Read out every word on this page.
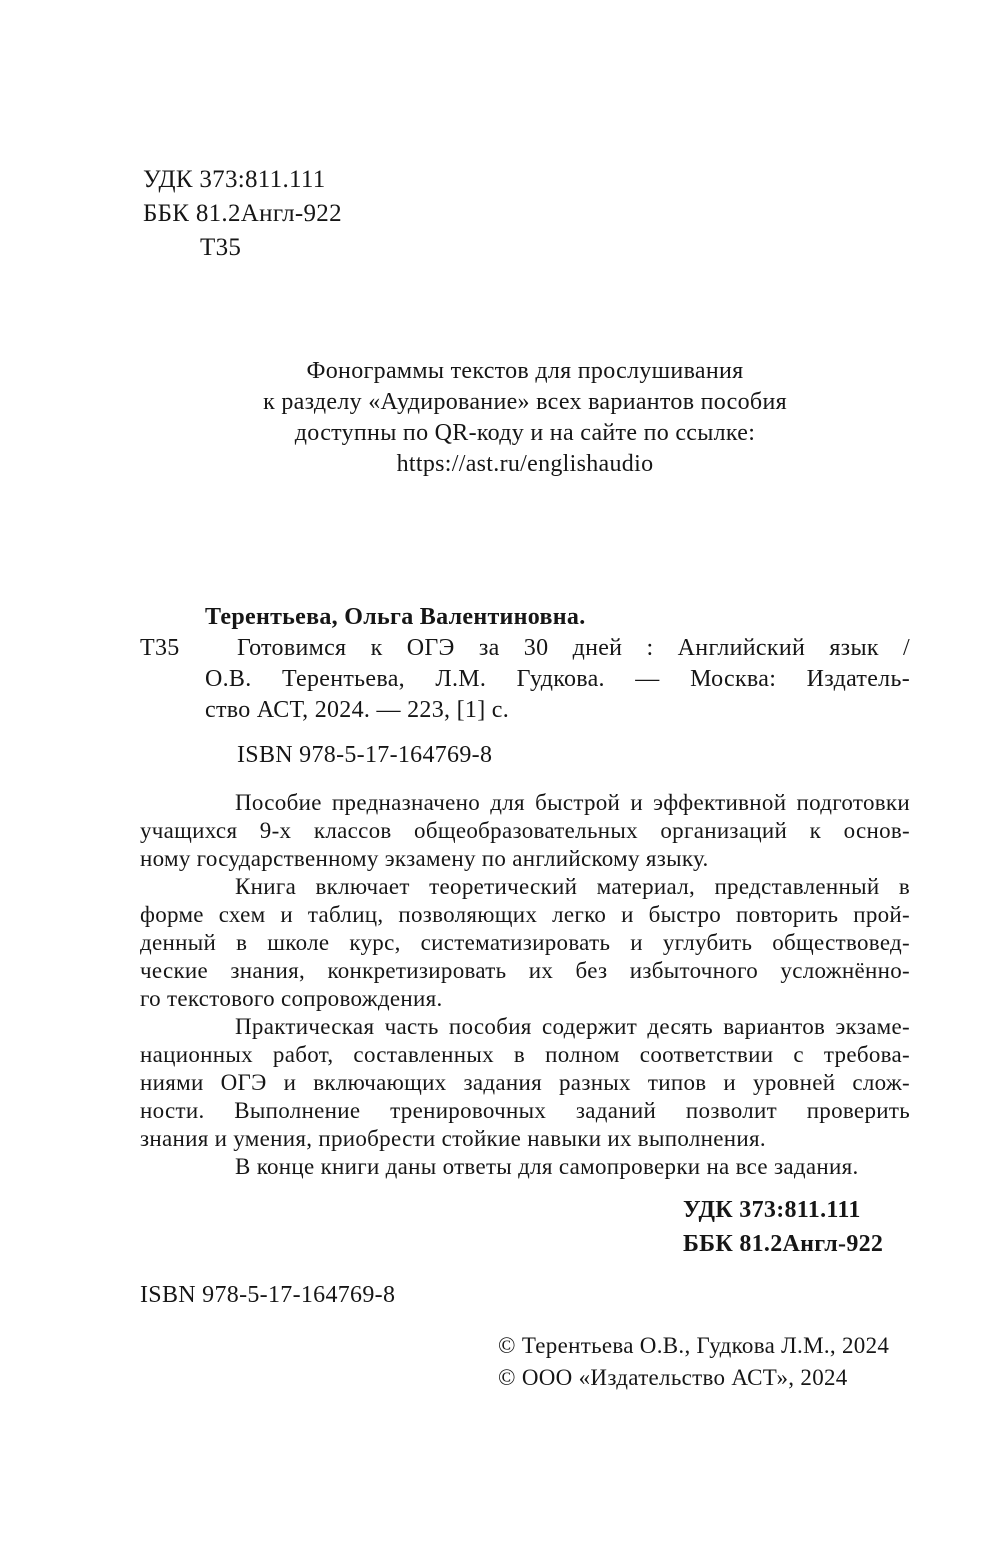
УДК 373:811.111
ББК 81.2Англ-922
Т35
Фонограммы текстов для прослушивания
к разделу «Аудирование» всех вариантов пособия
доступны по QR-коду и на сайте по ссылке:
https://ast.ru/englishaudio
Т35
Терентьева, Ольга Валентиновна.
Готовимся к ОГЭ за 30 дней : Английский язык /
О.В. Терентьева, Л.М. Гудкова. — Москва: Издатель-
ство АСТ, 2024. — 223, [1] с.
ISBN 978-5-17-164769-8
Пособие предназначено для быстрой и эффективной подготовки
учащихся 9-х классов общеобразовательных организаций к основ-
ному государственному экзамену по английскому языку.
Книга включает теоретический материал, представленный в
форме схем и таблиц, позволяющих легко и быстро повторить прой-
денный в школе курс, систематизировать и углубить обществовед-
ческие знания, конкретизировать их без избыточного усложнённо-
го текстового сопровождения.
Практическая часть пособия содержит десять вариантов экзаме-
национных работ, составленных в полном соответствии с требова-
ниями ОГЭ и включающих задания разных типов и уровней слож-
ности. Выполнение тренировочных заданий позволит проверить
знания и умения, приобрести стойкие навыки их выполнения.
В конце книги даны ответы для самопроверки на все задания.
УДК 373:811.111
ББК 81.2Англ-922
ISBN 978-5-17-164769-8
© Терентьева О.В., Гудкова Л.М., 2024
© ООО «Издательство АСТ», 2024
